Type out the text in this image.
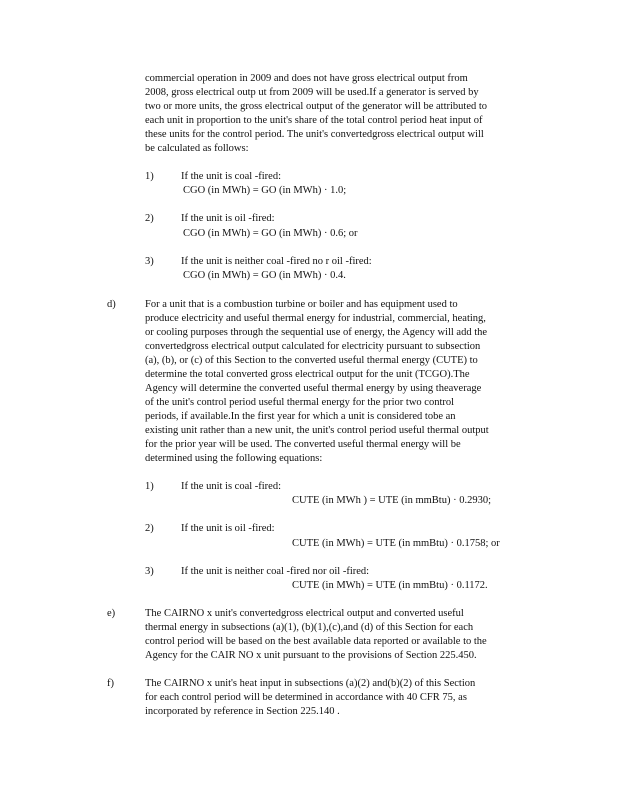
commercial operation in 2009 and does not have gross electrical output from
2008, gross electrical outp ut from 2009 will be used.If a generator is served by
two or more units, the gross electrical output of the generator will be attributed to
each unit in proportion to the unit's share of the total control period heat input of
these units for the control period. The unit's convertedgross electrical output will
be calculated as follows:
1)	If the unit is coal -fired:
CGO (in MWh) = GO (in MWh) · 1.0;
2)	If the unit is oil -fired:
CGO (in MWh) = GO (in MWh) · 0.6; or
3)	If the unit is neither coal -fired no r oil -fired:
CGO (in MWh) = GO (in MWh) · 0.4.
d)	For a unit that is a combustion turbine or boiler and has equipment used to
produce electricity and useful thermal energy for industrial, commercial, heating,
or cooling purposes through the sequential use of energy, the Agency will add the
convertedgross electrical output calculated for electricity pursuant to subsection
(a), (b), or (c) of this Section to the converted useful thermal energy (CUTE) to
determine the total converted gross electrical output for the unit (TCGO).The
Agency will determine the converted useful thermal energy by using theaverage
of the unit's control period useful thermal energy for the prior two control
periods, if available.In the first year for which a unit is considered tobe an
existing unit rather than a new unit, the unit's control period useful thermal output
for the prior year will be used. The converted useful thermal energy will be
determined using the following equations:
1)	If the unit is coal -fired:
CUTE (in MWh ) = UTE (in mmBtu) · 0.2930;
2)	If the unit is oil -fired:
CUTE (in MWh) = UTE (in mmBtu) · 0.1758; or
3)	If the unit is neither coal -fired nor oil -fired:
CUTE (in MWh) = UTE (in mmBtu) · 0.1172.
e)	The CAIRNO x unit's convertedgross electrical output and converted useful
thermal energy in subsections (a)(1), (b)(1),(c),and (d) of this Section for each
control period will be based on the best available data reported or available to the
Agency for the CAIR NO x unit pursuant to the provisions of Section 225.450.
f)	The CAIRNO x unit's heat input in subsections (a)(2) and(b)(2) of this Section
for each control period will be determined in accordance with 40 CFR 75, as
incorporated by reference in Section 225.140 .
